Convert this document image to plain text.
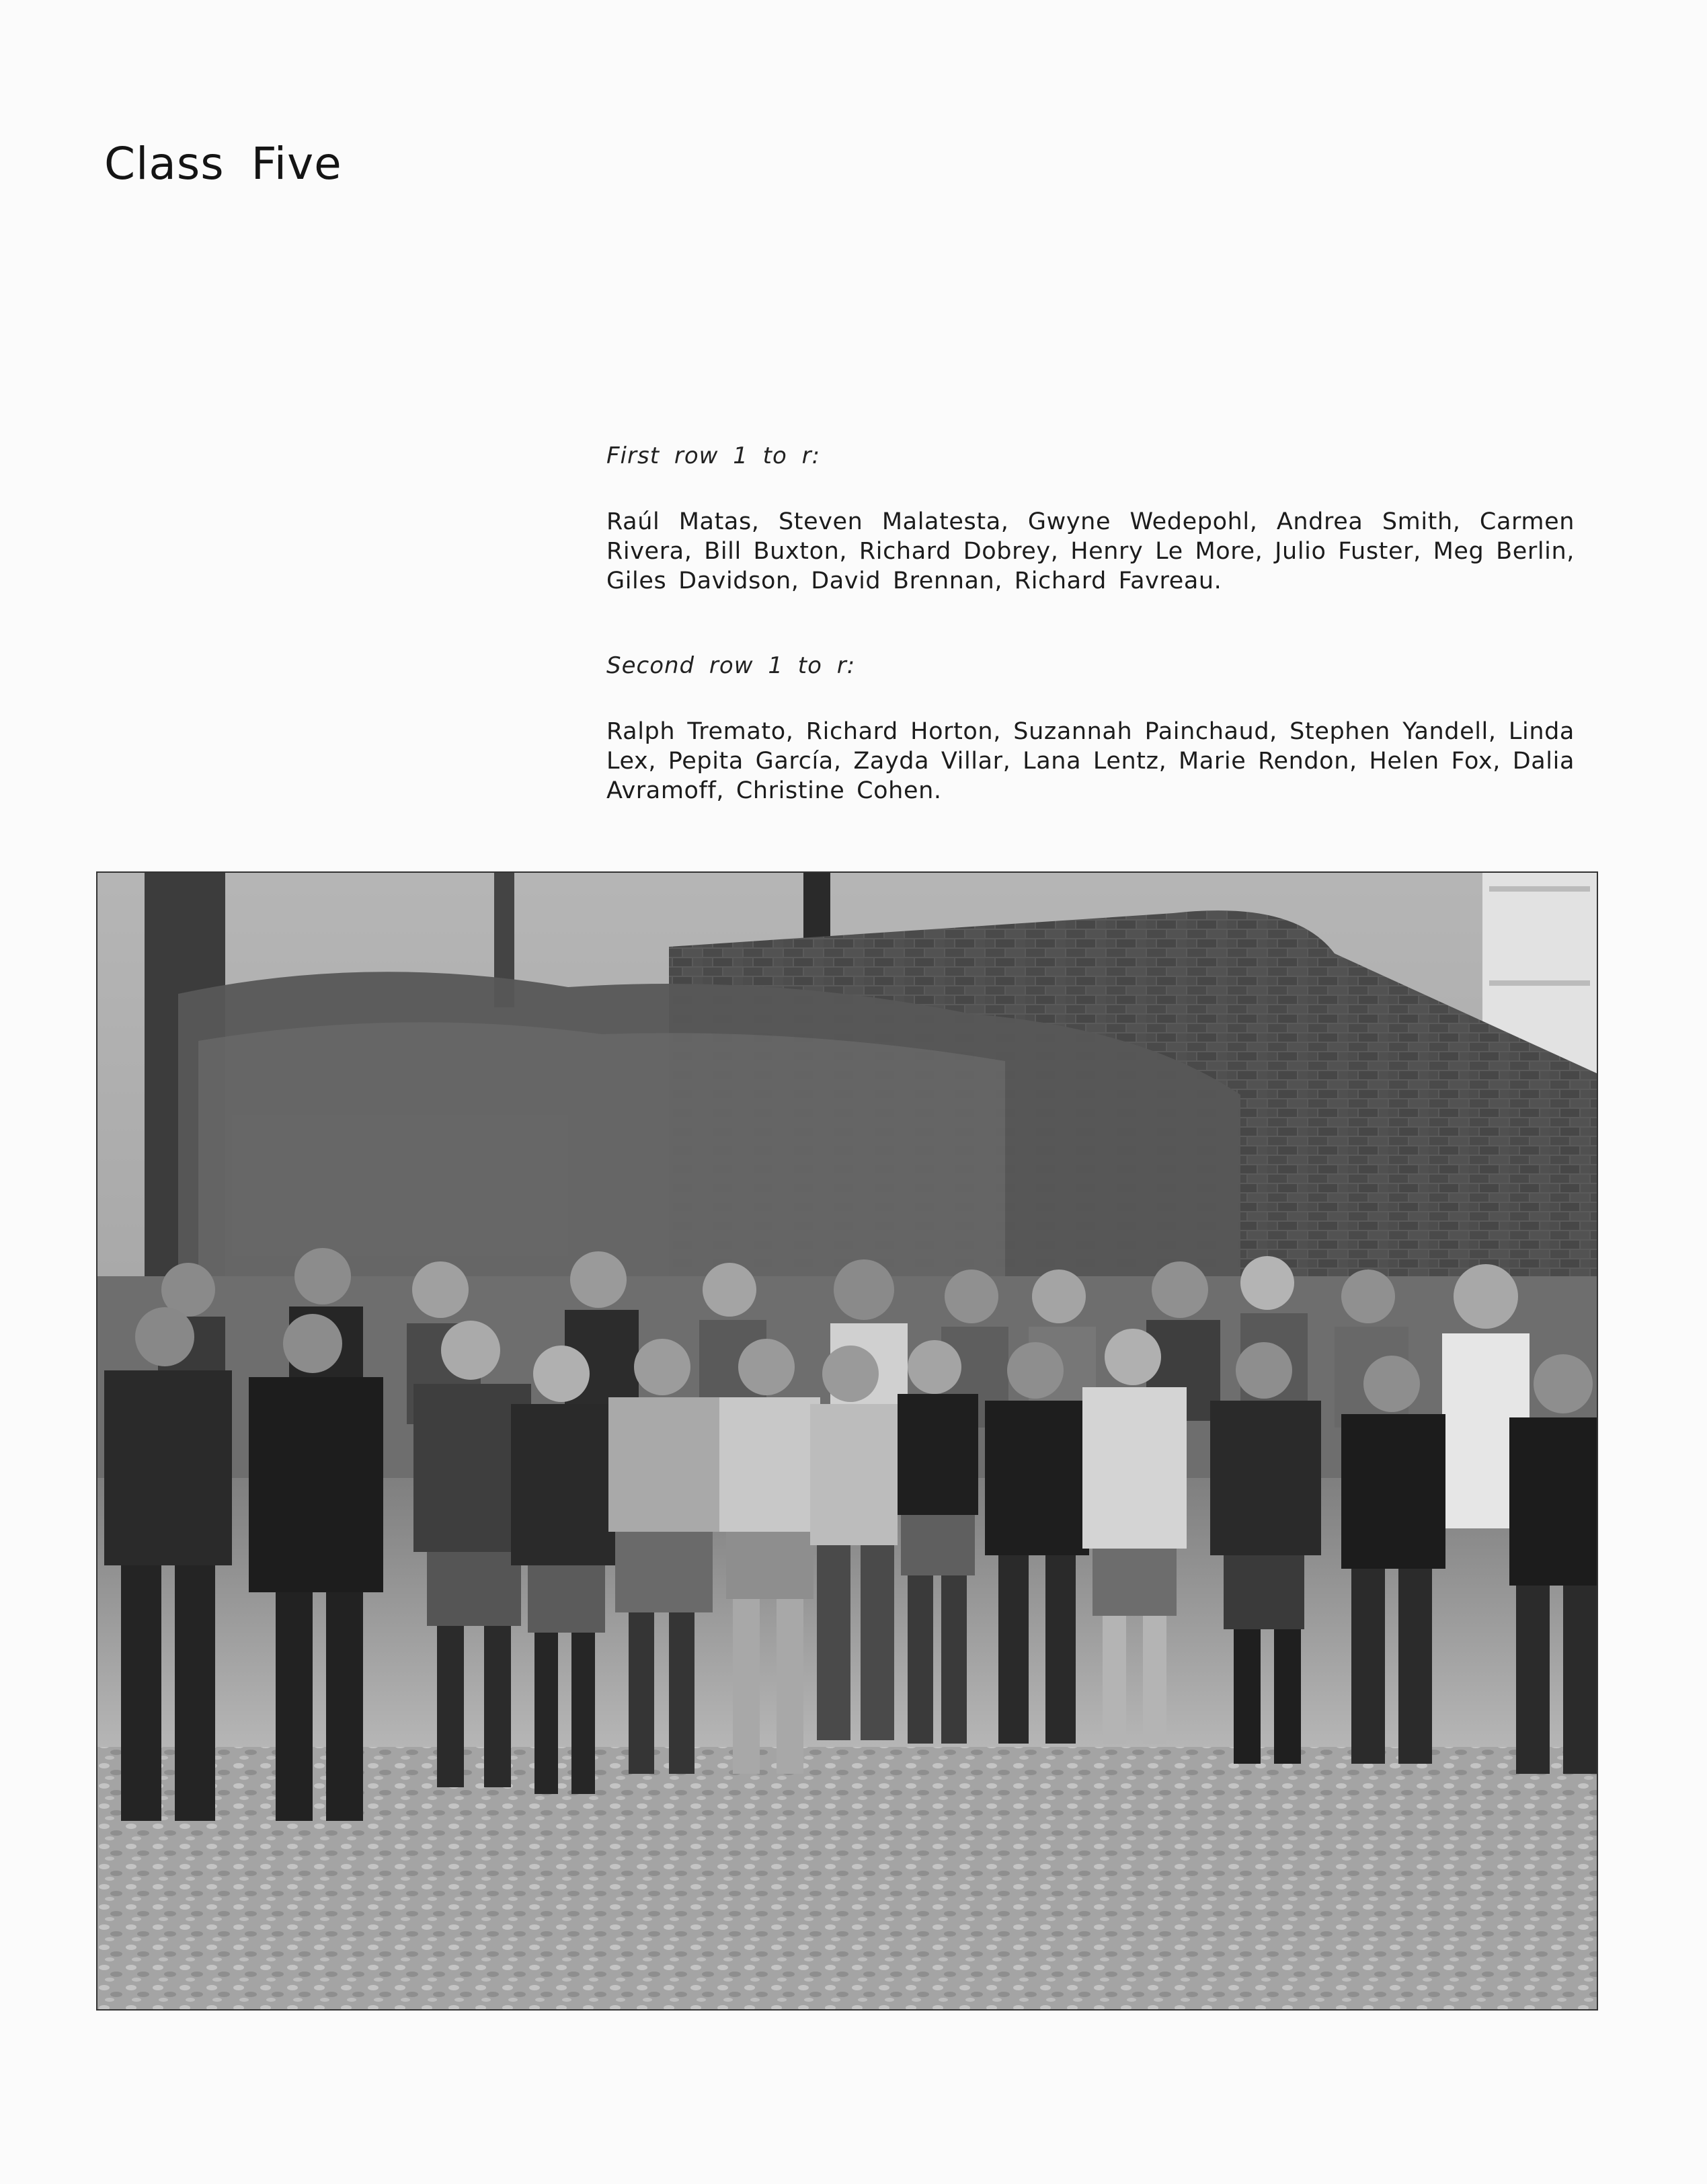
Class Five

First row 1 to r:

Raúl Matas, Steven Malatesta, Gwyne Wedepohl, Andrea Smith, Carmen Rivera, Bill Buxton, Richard Dobrey, Henry Le More, Julio Fuster, Meg Berlin, Giles Davidson, David Brennan, Richard Favreau.

Second row 1 to r:

Ralph Tremato, Richard Horton, Suzannah Painchaud, Stephen Yandell, Linda Lex, Pepita García, Zayda Villar, Lana Lentz, Marie Rendon, Helen Fox, Dalia Avramoff, Christine Cohen.
